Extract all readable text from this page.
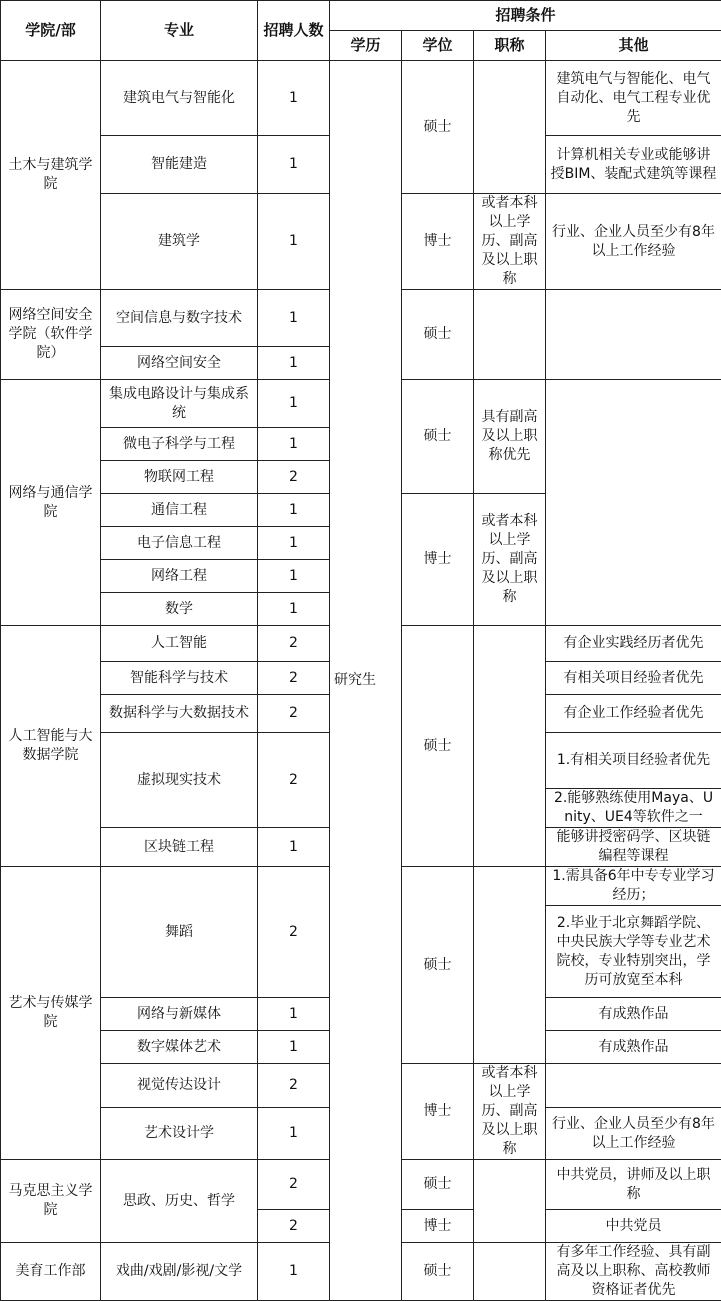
学院/部	专业	招聘人数	招聘条件			
			学历	学位	职称	其他
土木与建筑学院	建筑电气与智能化	1	研究生	硕士		建筑电气与智能化、电气自动化、电气工程专业优先
	智能建造	1				计算机相关专业或能够讲授BIM、装配式建筑等课程
	建筑学	1		博士	或者本科以上学历、副高及以上职称	行业、企业人员至少有8年以上工作经验
网络空间安全学院（软件学院）	空间信息与数字技术	1		硕士		
	网络空间安全	1				
网络与通信学院	集成电路设计与集成系统	1		硕士	具有副高及以上职称优先	
	微电子科学与工程	1				
	物联网工程	2				
	通信工程	1		博士	或者本科以上学历、副高及以上职称	
	电子信息工程	1				
	网络工程	1				
	数学	1				
人工智能与大数据学院	人工智能	2		硕士		有企业实践经历者优先
	智能科学与技术	2				有相关项目经验者优先
	数据科学与大数据技术	2				有企业工作经验者优先
	虚拟现实技术	2				1.有相关项目经验者优先
						2.能够熟练使用Maya、Unity、UE4等软件之一
	区块链工程	1				能够讲授密码学、区块链编程等课程
艺术与传媒学院	舞蹈	2		硕士		1.需具备6年中专专业学习经历；
						2.毕业于北京舞蹈学院、中央民族大学等专业艺术院校，专业特别突出，学历可放宽至本科
	网络与新媒体	1				有成熟作品
	数字媒体艺术	1				有成熟作品
	视觉传达设计	2		博士	或者本科以上学历、副高及以上职称	
	艺术设计学	1				行业、企业人员至少有8年以上工作经验
马克思主义学院	思政、历史、哲学	2		硕士		中共党员，讲师及以上职称
		2		博士		中共党员
美育工作部	戏曲/戏剧/影视/文学	1		硕士		有多年工作经验、具有副高及以上职称、高校教师资格证者优先
